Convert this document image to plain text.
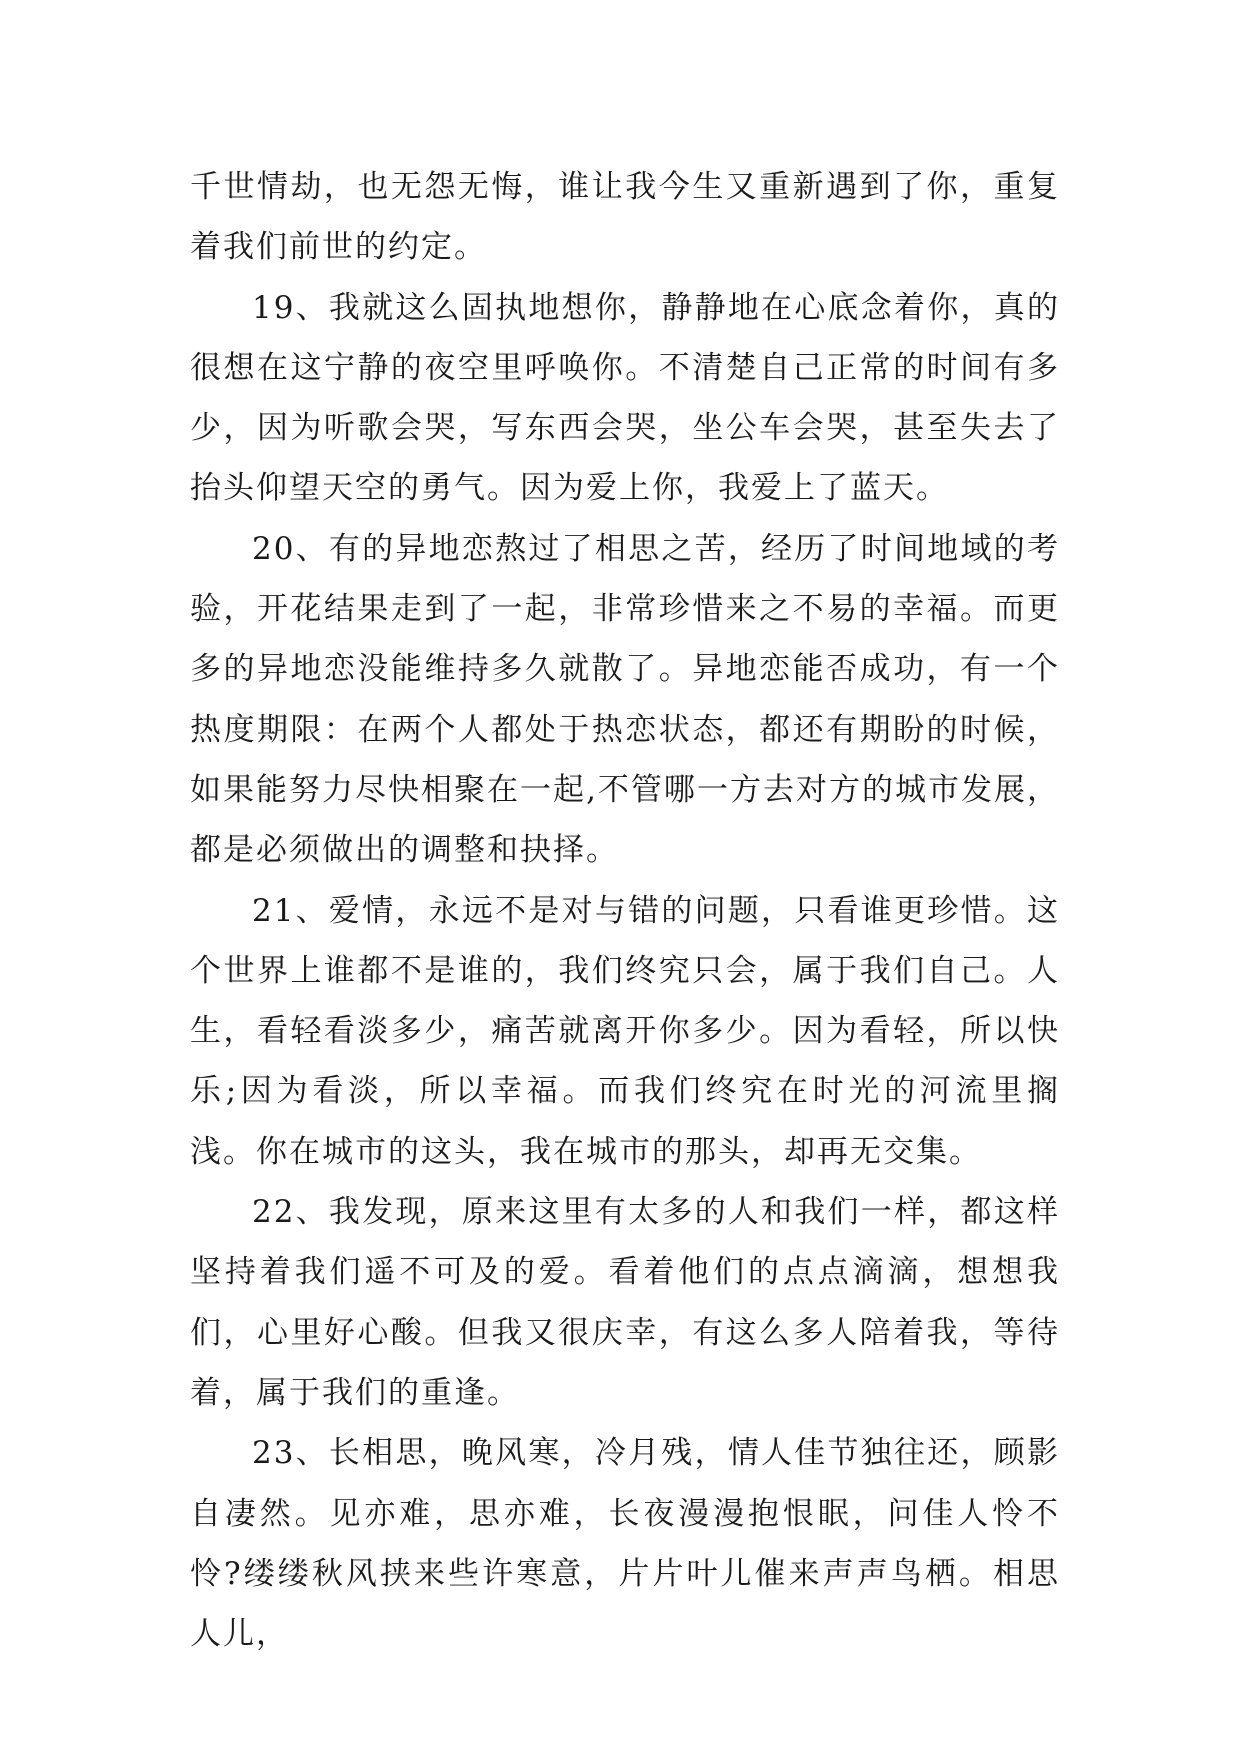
千世情劫，也无怨无悔，谁让我今生又重新遇到了你，重复着我们前世的约定。

19、我就这么固执地想你，静静地在心底念着你，真的很想在这宁静的夜空里呼唤你。不清楚自己正常的时间有多少，因为听歌会哭，写东西会哭，坐公车会哭，甚至失去了抬头仰望天空的勇气。因为爱上你，我爱上了蓝天。

20、有的异地恋熬过了相思之苦，经历了时间地域的考验，开花结果走到了一起，非常珍惜来之不易的幸福。而更多的异地恋没能维持多久就散了。异地恋能否成功，有一个热度期限：在两个人都处于热恋状态，都还有期盼的时候，如果能努力尽快相聚在一起,不管哪一方去对方的城市发展，都是必须做出的调整和抉择。

21、爱情，永远不是对与错的问题，只看谁更珍惜。这个世界上谁都不是谁的，我们终究只会，属于我们自己。人生，看轻看淡多少，痛苦就离开你多少。因为看轻，所以快乐;因为看淡，所以幸福。而我们终究在时光的河流里搁浅。你在城市的这头，我在城市的那头，却再无交集。

22、我发现，原来这里有太多的人和我们一样，都这样坚持着我们遥不可及的爱。看着他们的点点滴滴，想想我们，心里好心酸。但我又很庆幸，有这么多人陪着我，等待着，属于我们的重逢。

23、长相思，晚风寒，冷月残，情人佳节独往还，顾影自凄然。见亦难，思亦难，长夜漫漫抱恨眠，问佳人怜不怜?缕缕秋风挟来些许寒意，片片叶儿催来声声鸟栖。相思人儿，
